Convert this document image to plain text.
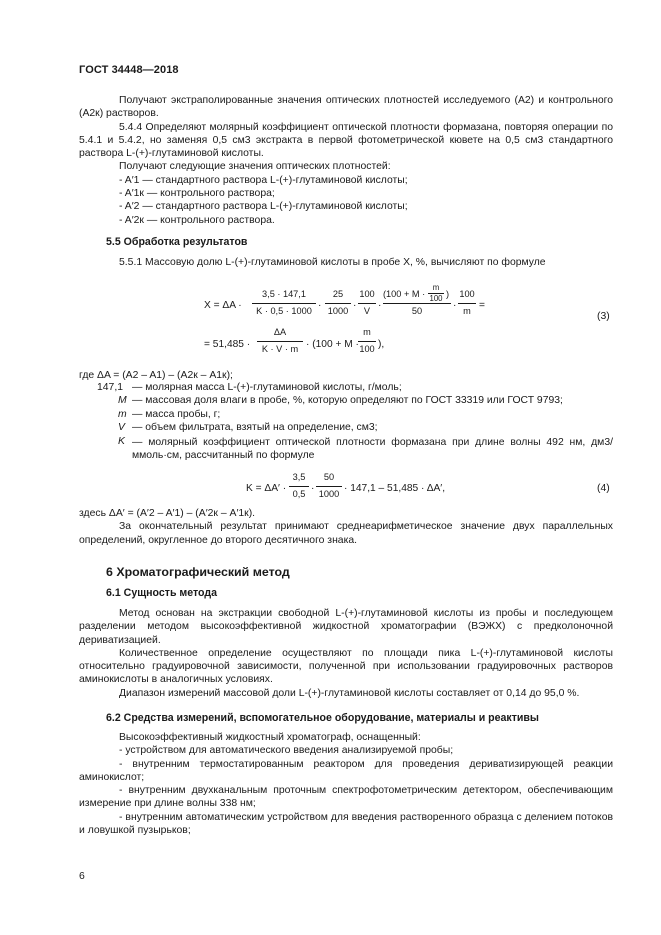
ГОСТ 34448—2018

Получают экстраполированные значения оптических плотностей исследуемого (A2) и контрольного (A2к) растворов.

5.4.4 Определяют молярный коэффициент оптической плотности формазана, повторяя операции по 5.4.1 и 5.4.2, но заменяя 0,5 см3 экстракта в первой фотометрической кювете на 0,5 см3 стандартного раствора L-(+)-глутаминовой кислоты.

Получают следующие значения оптических плотностей:

- A′1 — стандартного раствора L-(+)-глутаминовой кислоты;

- A′1к — контрольного раствора;

- A′2 — стандартного раствора L-(+)-глутаминовой кислоты;

- A′2к — контрольного раствора.

5.5 Обработка результатов

5.5.1 Массовую долю L-(+)-глутаминовой кислоты в пробе X, %, вычисляют по формуле

X = ΔA ·
3,5 · 147,1
K · 0,5 · 1000 ·
25
1000 ·
100
V ·
(100 + M ·
m
100 )
50	·
100
m =
= 51,485 ·
ΔA
K · V · m · (100 + M ·
m
100 ),
(3)

где ΔA = (A2 – A1) – (A2к – A1к);

147,1 — молярная масса L-(+)-глутаминовой кислоты, г/моль;
M — массовая доля влаги в пробе, %, которую определяют по ГОСТ 33319 или ГОСТ 9793;
m — масса пробы, г;
V — объем фильтрата, взятый на определение, см3;
K — молярный коэффициент оптической плотности формазана при длине волны 492 нм, дм3/ммоль·см, рассчитанный по формуле
K = ΔA′ ·
3,5
0,5 ·
50
1000 · 147,1 – 51,485 · ΔA′,	(4)

здесь ΔA′ = (A′2 – A′1) – (A′2к – A′1к).

За окончательный результат принимают среднеарифметическое значение двух параллельных определений, округленное до второго десятичного знака.

6 Хроматографический метод
6.1 Сущность метода

Метод основан на экстракции свободной L-(+)-глутаминовой кислоты из пробы и последующем разделении методом высокоэффективной жидкостной хроматографии (ВЭЖХ) с предколоночной дериватизацией.

Количественное определение осуществляют по площади пика L-(+)-глутаминовой кислоты относительно градуировочной зависимости, полученной при использовании градуировочных растворов аминокислоты в аналогичных условиях.

Диапазон измерений массовой доли L-(+)-глутаминовой кислоты составляет от 0,14 до 95,0 %.

6.2 Средства измерений, вспомогательное оборудование, материалы и реактивы

Высокоэффективный жидкостный хроматограф, оснащенный:

- устройством для автоматического введения анализируемой пробы;

- внутренним термостатированным реактором для проведения дериватизирующей реакции аминокислот;

- внутренним двухканальным проточным спектрофотометрическим детектором, обеспечивающим измерение при длине волны 338 нм;

- внутренним автоматическим устройством для введения растворенного образца с делением потоков и ловушкой пузырьков;

6
